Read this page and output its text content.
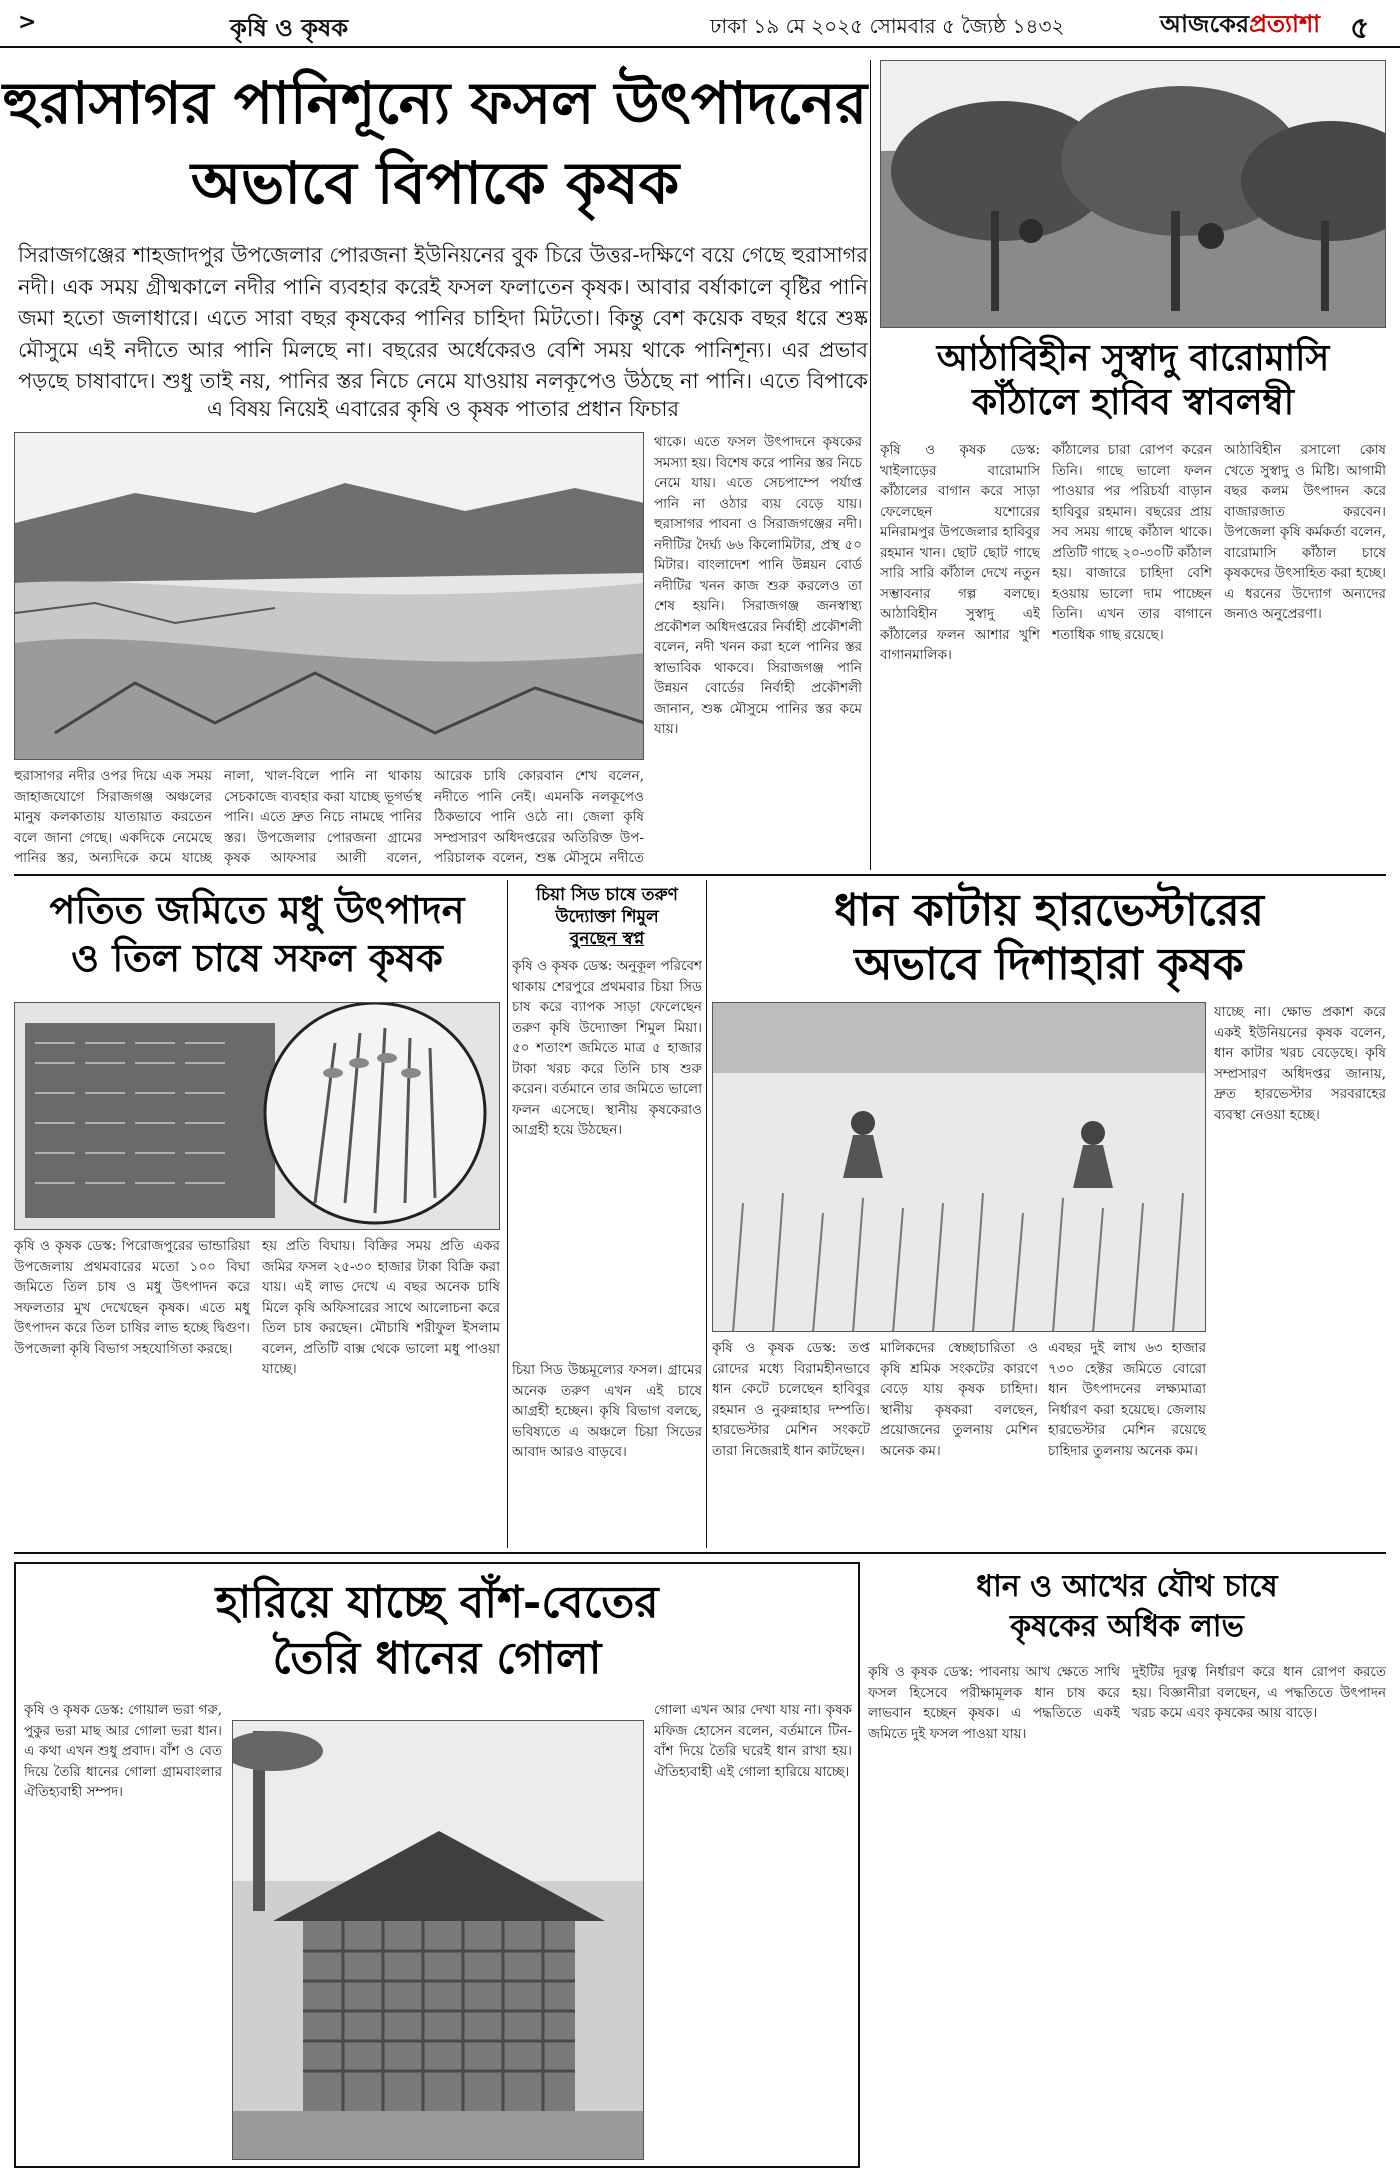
>	কৃষি ও কৃষক	ঢাকা ১৯ মে ২০২৫ সোমবার ৫ জ্যৈষ্ঠ ১৪৩২	আজকেরপ্রত্যাশা ৫
হুরাসাগর পানিশূন্যে ফসল উৎপাদনের
অভাবে বিপাকে কৃষক
সিরাজগঞ্জের শাহজাদপুর উপজেলার পোরজনা ইউনিয়নের বুক চিরে উত্তর-দক্ষিণে বয়ে গেছে হুরাসাগর নদী। এক সময় গ্রীষ্মকালে নদীর পানি ব্যবহার করেই ফসল ফলাতেন কৃষক। আবার বর্ষাকালে বৃষ্টির পানি জমা হতো জলাধারে। এতে সারা বছর কৃষকের পানির চাহিদা মিটতো। কিন্তু বেশ কয়েক বছর ধরে শুষ্ক মৌসুমে এই নদীতে আর পানি মিলছে না। বছরের অর্ধেকেরও বেশি সময় থাকে পানিশূন্য। এর প্রভাব পড়ছে চাষাবাদে। শুধু তাই নয়, পানির স্তর নিচে নেমে যাওয়ায় নলকূপেও উঠছে না পানি। এতে বিপাকে
এ বিষয় নিয়েই এবারের কৃষি ও কৃষক পাতার প্রধান ফিচার
হুরাসাগর নদীর ওপর দিয়ে এক সময় জাহাজযোগে সিরাজগঞ্জ অঞ্চলের মানুষ কলকাতায় যাতায়াত করতেন বলে জানা গেছে। একদিকে নেমেছে পানির স্তর, অন্যদিকে কমে যাচ্ছে
নালা, খাল-বিলে পানি না থাকায় সেচকাজে ব্যবহার করা যাচ্ছে ভূগর্ভস্থ পানি। এতে দ্রুত নিচে নামছে পানির স্তর। উপজেলার পোরজনা গ্রামের কৃষক আফসার আলী বলেন,
আরেক চাষি কোরবান শেখ বলেন, নদীতে পানি নেই। এমনকি নলকূপেও ঠিকভাবে পানি ওঠে না। জেলা কৃষি সম্প্রসারণ অধিদপ্তরের অতিরিক্ত উপ-পরিচালক বলেন, শুষ্ক মৌসুমে নদীতে
থাকে। এতে ফসল উৎপাদনে কৃষকের সমস্যা হয়। বিশেষ করে পানির স্তর নিচে নেমে যায়। এতে সেচপাম্পে পর্যাপ্ত পানি না ওঠার ব্যয় বেড়ে যায়। হুরাসাগর পাবনা ও সিরাজগঞ্জের নদী। নদীটির দৈর্ঘ্য ৬৬ কিলোমিটার, প্রস্থ ৫০ মিটার। বাংলাদেশ পানি উন্নয়ন বোর্ড নদীটির খনন কাজ শুরু করলেও তা শেষ হয়নি। সিরাজগঞ্জ জনস্বাস্থ্য প্রকৌশল অধিদপ্তরের নির্বাহী প্রকৌশলী বলেন, নদী খনন করা হলে পানির স্তর স্বাভাবিক থাকবে। সিরাজগঞ্জ পানি উন্নয়ন বোর্ডের নির্বাহী প্রকৌশলী জানান, শুষ্ক মৌসুমে পানির স্তর কমে যায়।
আঠাবিহীন সুস্বাদু বারোমাসি
কাঁঠালে হাবিব স্বাবলম্বী
কৃষি ও কৃষক ডেস্ক: খাইলাড়ের বারোমাসি কাঁঠালের বাগান করে সাড়া ফেলেছেন যশোরের মনিরামপুর উপজেলার হাবিবুর রহমান খান। ছোট ছোট গাছে সারি সারি কাঁঠাল দেখে নতুন সম্ভাবনার গল্প বলছে। আঠাবিহীন সুস্বাদু এই কাঁঠালের ফলন আশার খুশি বাগানমালিক।
কাঁঠালের চারা রোপণ করেন তিনি। গাছে ভালো ফলন পাওয়ার পর পরিচর্যা বাড়ান হাবিবুর রহমান। বছরের প্রায় সব সময় গাছে কাঁঠাল থাকে। প্রতিটি গাছে ২০-৩০টি কাঁঠাল হয়। বাজারে চাহিদা বেশি হওয়ায় ভালো দাম পাচ্ছেন তিনি। এখন তার বাগানে শতাধিক গাছ রয়েছে।
আঠাবিহীন রসালো কোষ খেতে সুস্বাদু ও মিষ্টি। আগামী বছর কলম উৎপাদন করে বাজারজাত করবেন। উপজেলা কৃষি কর্মকর্তা বলেন, বারোমাসি কাঁঠাল চাষে কৃষকদের উৎসাহিত করা হচ্ছে। এ ধরনের উদ্যোগ অন্যদের জন্যও অনুপ্রেরণা।
পতিত জমিতে মধু উৎপাদন
ও তিল চাষে সফল কৃষক
কৃষি ও কৃষক ডেস্ক: পিরোজপুরের ভান্ডারিয়া উপজেলায় প্রথমবারের মতো ১০০ বিঘা জমিতে তিল চাষ ও মধু উৎপাদন করে সফলতার মুখ দেখেছেন কৃষক। এতে মধু উৎপাদন করে তিল চাষির লাভ হচ্ছে দ্বিগুণ। উপজেলা কৃষি বিভাগ সহযোগিতা করছে।
হয় প্রতি বিঘায়। বিক্রির সময় প্রতি একর জমির ফসল ২৫-৩০ হাজার টাকা বিক্রি করা যায়। এই লাভ দেখে এ বছর অনেক চাষি মিলে কৃষি অফিসারের সাথে আলোচনা করে তিল চাষ করছেন। মৌচাষি শরীফুল ইসলাম বলেন, প্রতিটি বাক্স থেকে ভালো মধু পাওয়া যাচ্ছে।
চিয়া সিড চাষে তরুণ
উদ্যোক্তা শিমুল
বুনছেন স্বপ্ন
কৃষি ও কৃষক ডেস্ক: অনুকূল পরিবেশ থাকায় শেরপুরে প্রথমবার চিয়া সিড চাষ করে ব্যাপক সাড়া ফেলেছেন তরুণ কৃষি উদ্যোক্তা শিমুল মিয়া। ৫০ শতাংশ জমিতে মাত্র ৫ হাজার টাকা খরচ করে তিনি চাষ শুরু করেন। বর্তমানে তার জমিতে ভালো ফলন এসেছে। স্থানীয় কৃষকেরাও আগ্রহী হয়ে উঠছেন।
চিয়া সিড উচ্চমূল্যের ফসল। গ্রামের অনেক তরুণ এখন এই চাষে আগ্রহী হচ্ছেন। কৃষি বিভাগ বলছে, ভবিষ্যতে এ অঞ্চলে চিয়া সিডের আবাদ আরও বাড়বে।
ধান কাটায় হারভেস্টারের
অভাবে দিশাহারা কৃষক
যাচ্ছে না। ক্ষোভ প্রকাশ করে একই ইউনিয়নের কৃষক বলেন, ধান কাটার খরচ বেড়েছে। কৃষি সম্প্রসারণ অধিদপ্তর জানায়, দ্রুত হারভেস্টার সরবরাহের ব্যবস্থা নেওয়া হচ্ছে।
কৃষি ও কৃষক ডেস্ক: তপ্ত রোদের মধ্যে বিরামহীনভাবে ধান কেটে চলেছেন হাবিবুর রহমান ও নুরুন্নাহার দম্পতি। হারভেস্টার মেশিন সংকটে তারা নিজেরাই ধান কাটছেন।
মালিকদের স্বেচ্ছাচারিতা ও কৃষি শ্রমিক সংকটের কারণে বেড়ে যায় কৃষক চাহিদা। স্থানীয় কৃষকরা বলছেন, প্রয়োজনের তুলনায় মেশিন অনেক কম।
এবছর দুই লাখ ৬৩ হাজার ৭৩০ হেক্টর জমিতে বোরো ধান উৎপাদনের লক্ষ্যমাত্রা নির্ধারণ করা হয়েছে। জেলায় হারভেস্টার মেশিন রয়েছে চাহিদার তুলনায় অনেক কম।
হারিয়ে যাচ্ছে বাঁশ-বেতের
তৈরি ধানের গোলা
কৃষি ও কৃষক ডেস্ক: গোয়াল ভরা গরু, পুকুর ভরা মাছ আর গোলা ভরা ধান। এ কথা এখন শুধু প্রবাদ। বাঁশ ও বেত দিয়ে তৈরি ধানের গোলা গ্রামবাংলার ঐতিহ্যবাহী সম্পদ।
গোলা এখন আর দেখা যায় না। কৃষক মফিজ হোসেন বলেন, বর্তমানে টিন-বাঁশ দিয়ে তৈরি ঘরেই ধান রাখা হয়। ঐতিহ্যবাহী এই গোলা হারিয়ে যাচ্ছে।
ধান ও আখের যৌথ চাষে
কৃষকের অধিক লাভ
কৃষি ও কৃষক ডেস্ক: পাবনায় আখ ক্ষেতে সাথি ফসল হিসেবে পরীক্ষামূলক ধান চাষ করে লাভবান হচ্ছেন কৃষক। এ পদ্ধতিতে একই জমিতে দুই ফসল পাওয়া যায়।
দুইটির দূরত্ব নির্ধারণ করে ধান রোপণ করতে হয়। বিজ্ঞানীরা বলছেন, এ পদ্ধতিতে উৎপাদন খরচ কমে এবং কৃষকের আয় বাড়ে।
